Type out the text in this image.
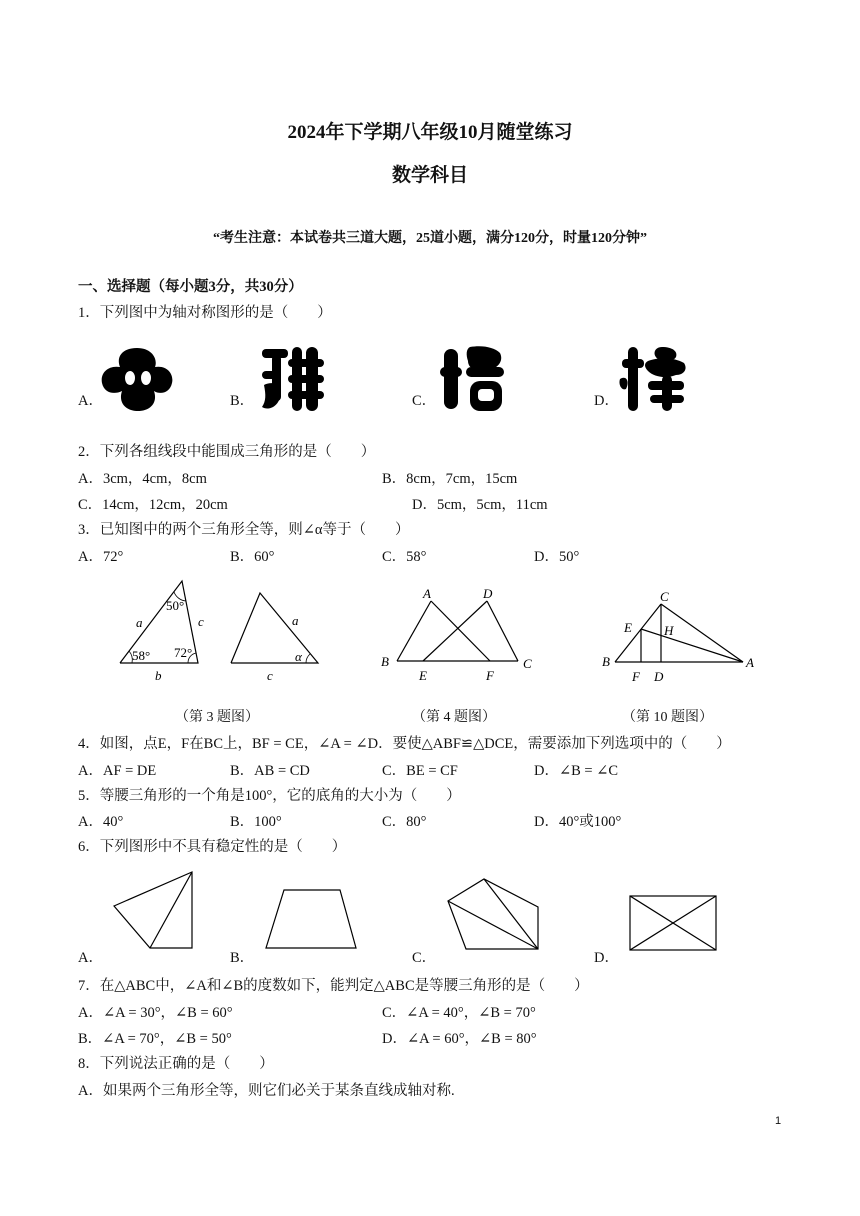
2024年下学期八年级10月随堂练习
数学科目
“考生注意：本试卷共三道大题，25道小题，满分120分，时量120分钟”
一、选择题（每小题3分，共30分）
1．下列图中为轴对称图形的是（　　）
A．	B．	C．	D．
2．下列各组线段中能围成三角形的是（　　）
A．3cm，4cm，8cm	B．8cm，7cm，15cm
C．14cm，12cm，20cm	D．5cm，5cm，11cm
3．已知图中的两个三角形全等，则∠α等于（　　）
A．72°	B．60°	C．58°	D．50°
50°
58° 72°
a	c
b
a
c
α
A	D
B	C
E	F
C
E H
B	A
F D
（第 3 题图）	（第 4 题图）	（第 10 题图）
4．如图，点E，F在BC上，BF = CE，∠A = ∠D．要使△ABF≌△DCE，需要添加下列选项中的（　　）
A．AF = DE	B．AB = CD	C．BE = CF	D．∠B = ∠C
5．等腰三角形的一个角是100°，它的底角的大小为（　　）
A．40°	B．100°	C．80°	D．40°或100°
6．下列图形中不具有稳定性的是（　　）
A．	B．	C．	D．
7．在△ABC中，∠A和∠B的度数如下，能判定△ABC是等腰三角形的是（　　）
A．∠A = 30°，∠B = 60°	C．∠A = 40°，∠B = 70°
B．∠A = 70°，∠B = 50°	D．∠A = 60°，∠B = 80°
8．下列说法正确的是（　　）
A．如果两个三角形全等，则它们必关于某条直线成轴对称.
1
